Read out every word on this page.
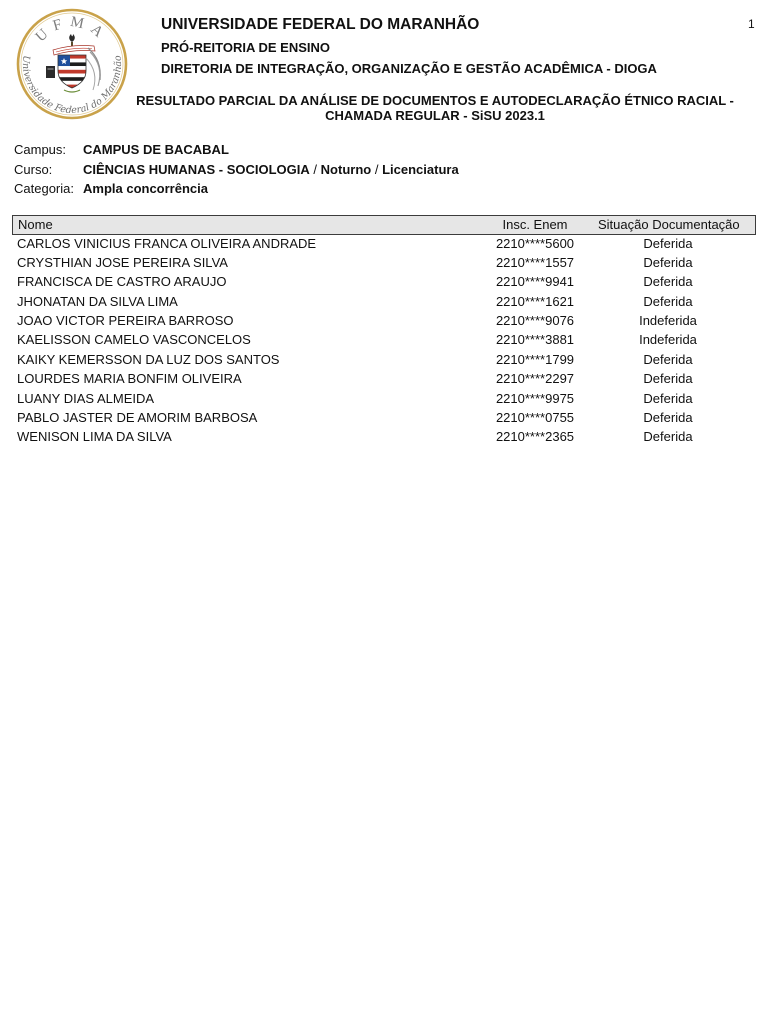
UFMA
Universidade Federal do Maranhão
1
UNIVERSIDADE FEDERAL DO MARANHÃO
PRÓ-REITORIA DE ENSINO
DIRETORIA DE INTEGRAÇÃO, ORGANIZAÇÃO E GESTÃO ACADÊMICA - DIOGA
RESULTADO PARCIAL DA ANÁLISE DE DOCUMENTOS E AUTODECLARAÇÃO ÉTNICO RACIAL -
CHAMADA REGULAR - SiSU 2023.1
Campus: CAMPUS DE BACABAL
Curso: CIÊNCIAS HUMANAS - SOCIOLOGIA / Noturno / Licenciatura
Categoria: Ampla concorrência
Nome	Insc. Enem	Situação Documentação
CARLOS VINICIUS FRANCA OLIVEIRA ANDRADE	2210****5600	Deferida
CRYSTHIAN JOSE PEREIRA SILVA	2210****1557	Deferida
FRANCISCA DE CASTRO ARAUJO	2210****9941	Deferida
JHONATAN DA SILVA LIMA	2210****1621	Deferida
JOAO VICTOR PEREIRA BARROSO	2210****9076	Indeferida
KAELISSON CAMELO VASCONCELOS	2210****3881	Indeferida
KAIKY KEMERSSON DA LUZ DOS SANTOS	2210****1799	Deferida
LOURDES MARIA BONFIM OLIVEIRA	2210****2297	Deferida
LUANY DIAS ALMEIDA	2210****9975	Deferida
PABLO JASTER DE AMORIM BARBOSA	2210****0755	Deferida
WENISON LIMA DA SILVA	2210****2365	Deferida
